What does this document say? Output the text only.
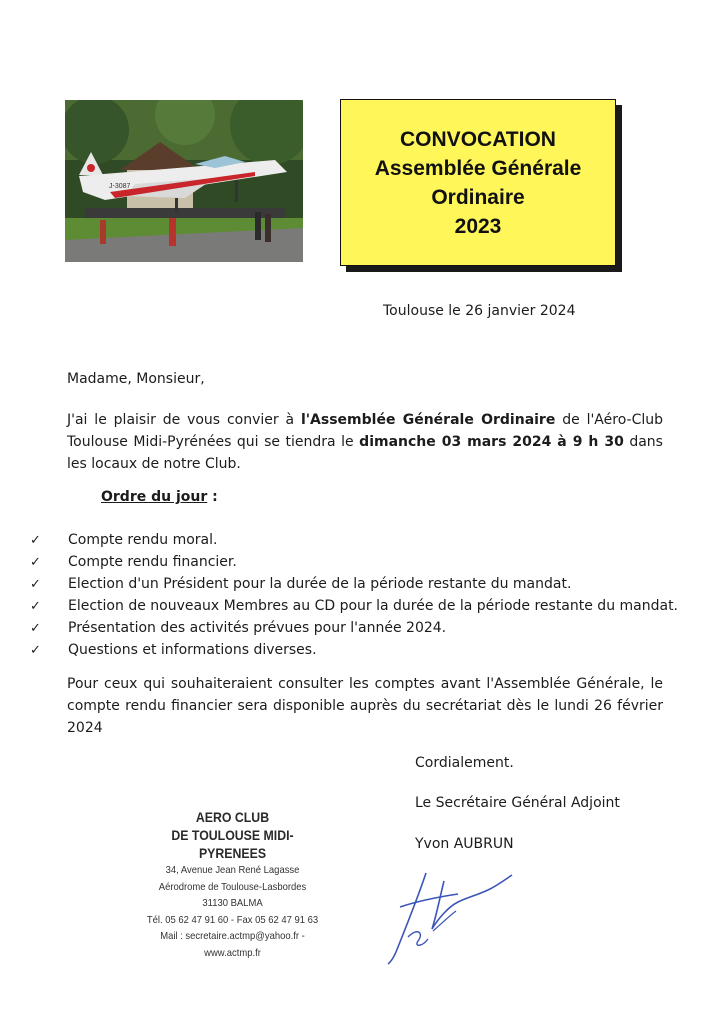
J-3087
CONVOCATION
Assemblée Générale
Ordinaire
2023
Toulouse le 26 janvier 2024
Madame, Monsieur,
J'ai le plaisir de vous convier à l'Assemblée Générale Ordinaire de l'Aéro-Club Toulouse Midi-Pyrénées qui se tiendra le dimanche 03 mars 2024 à 9 h 30 dans les locaux de notre Club.
Ordre du jour :
✓ Compte rendu moral.
✓ Compte rendu financier.
✓ Election d'un Président pour la durée de la période restante du mandat.
✓ Election de nouveaux Membres au CD pour la durée de la période restante du mandat.
✓ Présentation des activités prévues pour l'année 2024.
✓ Questions et informations diverses.
Pour ceux qui souhaiteraient consulter les comptes avant l'Assemblée Générale, le compte rendu financier sera disponible auprès du secrétariat dès le lundi 26 février 2024
Cordialement.
Le Secrétaire Général Adjoint
Yvon AUBRUN
AERO CLUB
DE TOULOUSE MIDI-PYRENEES
34, Avenue Jean René Lagasse
Aérodrome de Toulouse-Lasbordes
31130 BALMA
Tél. 05 62 47 91 60 - Fax 05 62 47 91 63
Mail : secretaire.actmp@yahoo.fr - www.actmp.fr
